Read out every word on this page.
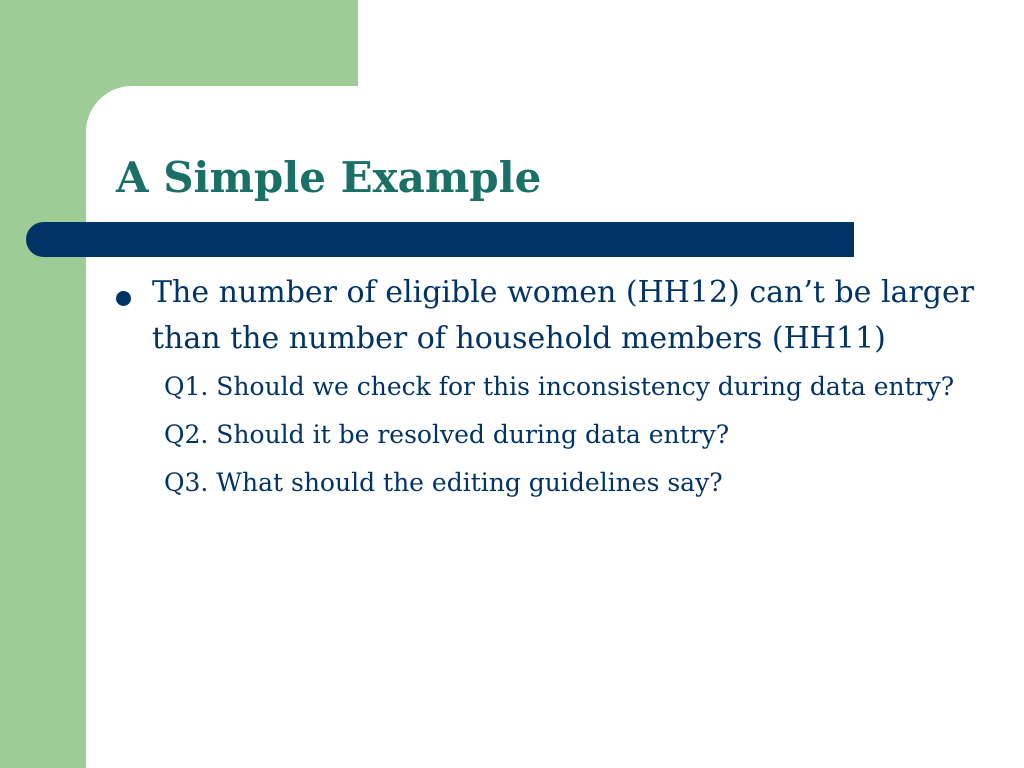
A Simple Example
The number of eligible women (HH12) can’t be larger than the number of household members (HH11)
Q1. Should we check for this inconsistency during data entry?
Q2. Should it be resolved during data entry?
Q3. What should the editing guidelines say?
